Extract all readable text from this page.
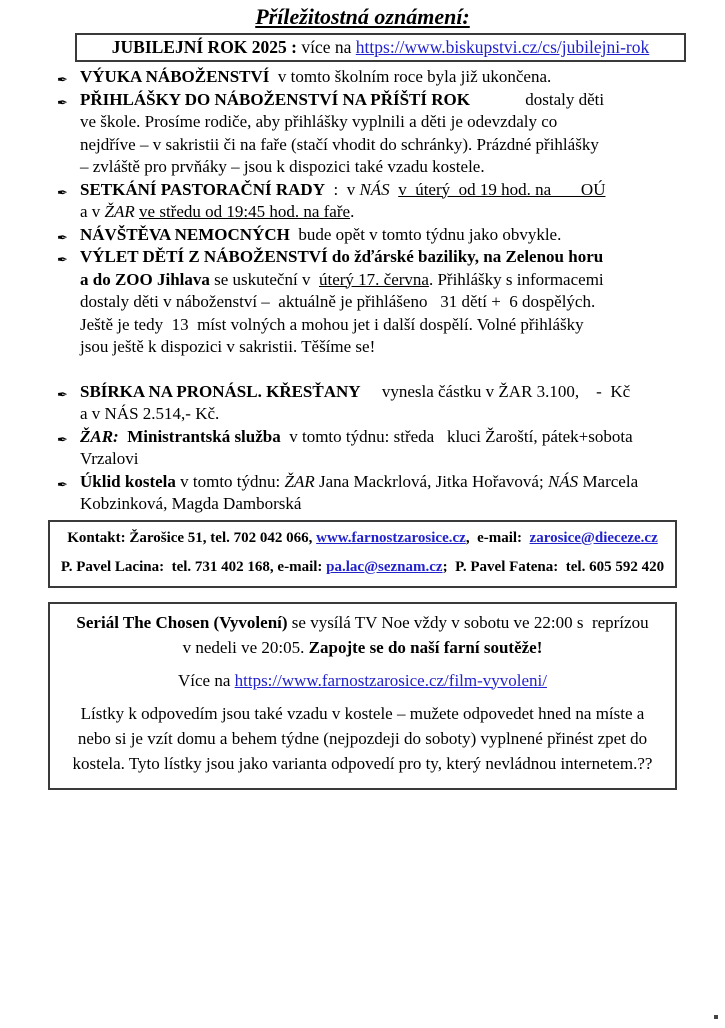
Příležitostná oznámení:
JUBILEJNÍ ROK 2025 : více na https://www.biskupstvi.cz/cs/jubilejni-rok
✒ VÝUKA NÁBOŽENSTVÍ  v tomto školním roce byla již ukončena.
✒ PŘIHLÁŠKY DO NÁBOŽENSTVÍ NA PŘÍŠTÍ ROK             dostaly děti
ve škole. Prosíme rodiče, aby přihlášky vyplnili a děti je odevzdaly co
nejdříve – v sakristii či na faře (stačí vhodit do schránky). Prázdné přihlášky
– zvláště pro prvňáky – jsou k dispozici také vzadu kostele.
✒ SETKÁNÍ PASTORAČNÍ RADY  :  v NÁS v  úterý  od 19 hod. na       OÚ
a v ŽAR ve středu od 19:45 hod. na faře.
✒ NÁVŠTĚVA NEMOCNÝCH  bude opět v tomto týdnu jako obvykle.
✒ VÝLET DĚTÍ Z NÁBOŽENSTVÍ do žďárské baziliky, na Zelenou horu
a do ZOO Jihlava se uskuteční v  úterý 17. června. Přihlášky s informacemi
dostaly děti v náboženství –  aktuálně je přihlášeno   31 dětí +  6 dospělých.
Ještě je tedy  13  míst volných a mohou jet i další dospělí. Volné přihlášky
jsou ještě k dispozici v sakristii. Těšíme se!
✒ SBÍRKA NA PRONÁSL. KŘESŤANY     vynesla částku v ŽAR 3.100,    -  Kč
a v NÁS 2.514,- Kč.
✒ ŽAR: Ministrantská služba  v tomto týdnu: středa   kluci Žaroští, pátek+sobota
Vrzalovi
✒ Úklid kostela v tomto týdnu: ŽAR Jana Mackrlová, Jitka Hořavová; NÁS Marcela
Kobzinková, Magda Damborská
Kontakt: Žarošice 51, tel. 702 042 066, www.farnostzarosice.cz,  e-mail:  zarosice@dieceze.cz
P. Pavel Lacina:  tel. 731 402 168, e-mail: pa.lac@seznam.cz;  P. Pavel Fatena:  tel. 605 592 420

Seriál The Chosen (Vyvolení) se vysílá TV Noe vždy v sobotu ve 22:00 s  reprízou
v nedeli ve 20:05. Zapojte se do naší farní soutěže!

Více na https://www.farnostzarosice.cz/film-vyvoleni/

Lístky k odpovedím jsou také vzadu v kostele – mužete odpovedet hned na míste a
nebo si je vzít domu a behem týdne (nejpozdeji do soboty) vyplnené přinést zpet do
kostela. Tyto lístky jsou jako varianta odpovedí pro ty, který nevládnou internetem.??
